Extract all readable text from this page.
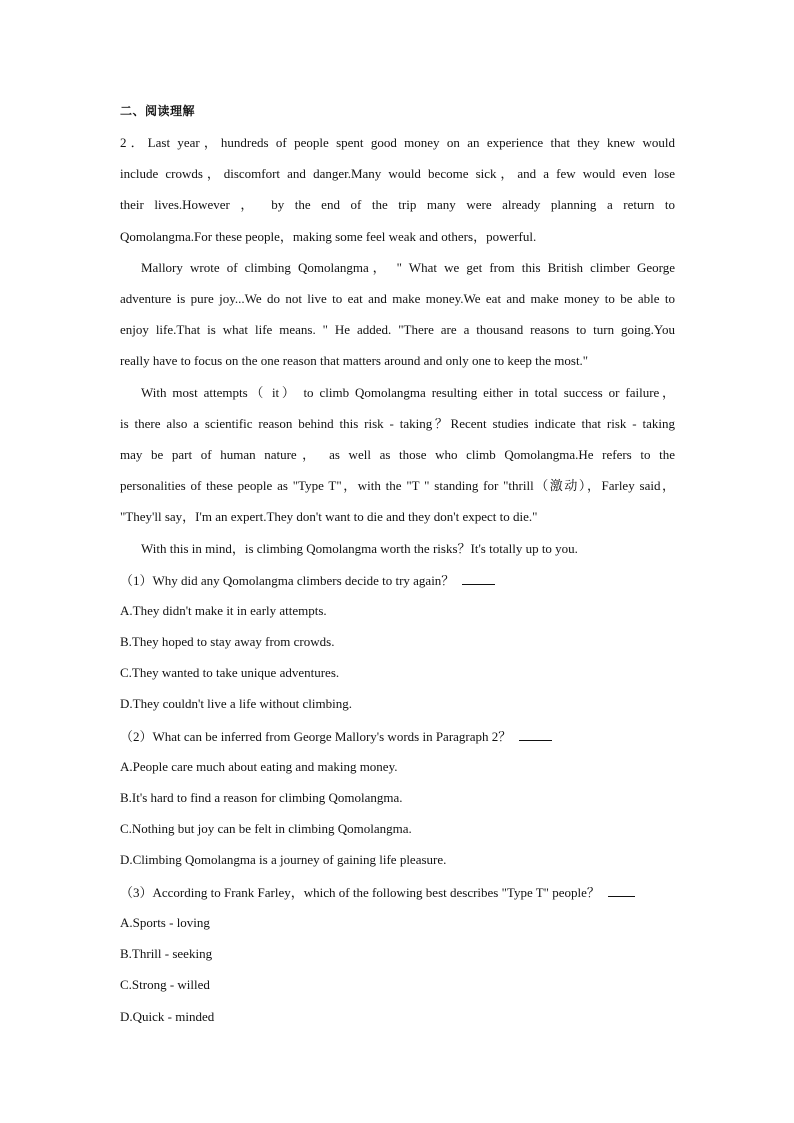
二、阅读理解
2．Last year，hundreds of people spent good money on an experience that they knew would
include crowds，discomfort and danger.Many would become sick，and a few would even lose
their lives.However ， by the end of the trip many were already planning a return to
Qomolangma.For these people，making some feel weak and others，powerful.
Mallory wrote of climbing Qomolangma， " What we get from this British climber George
adventure is pure joy...We do not live to eat and make money.We eat and make money to be able to
enjoy life.That is what life means. " He added. "There are a thousand reasons to turn going.You
really have to focus on the one reason that matters around and only one to keep the most."
With most attempts（ it） to climb Qomolangma resulting either in total success or failure，
is there also a scientific reason behind this risk - taking？Recent studies indicate that risk - taking
may be part of human nature， as well as those who climb Qomolangma.He refers to the
personalities of these people as "Type T"，with the "T " standing for "thrill（激动），Farley said，
"They'll say，I'm an expert.They don't want to die and they don't expect to die."
With this in mind，is climbing Qomolangma worth the risks？It's totally up to you.
（1）Why did any Qomolangma climbers decide to try again？
A.They didn't make it in early attempts.
B.They hoped to stay away from crowds.
C.They wanted to take unique adventures.
D.They couldn't live a life without climbing.
（2）What can be inferred from George Mallory's words in Paragraph 2？
A.People care much about eating and making money.
B.It's hard to find a reason for climbing Qomolangma.
C.Nothing but joy can be felt in climbing Qomolangma.
D.Climbing Qomolangma is a journey of gaining life pleasure.
（3）According to Frank Farley，which of the following best describes "Type T" people？
A.Sports - loving
B.Thrill - seeking
C.Strong - willed
D.Quick - minded
